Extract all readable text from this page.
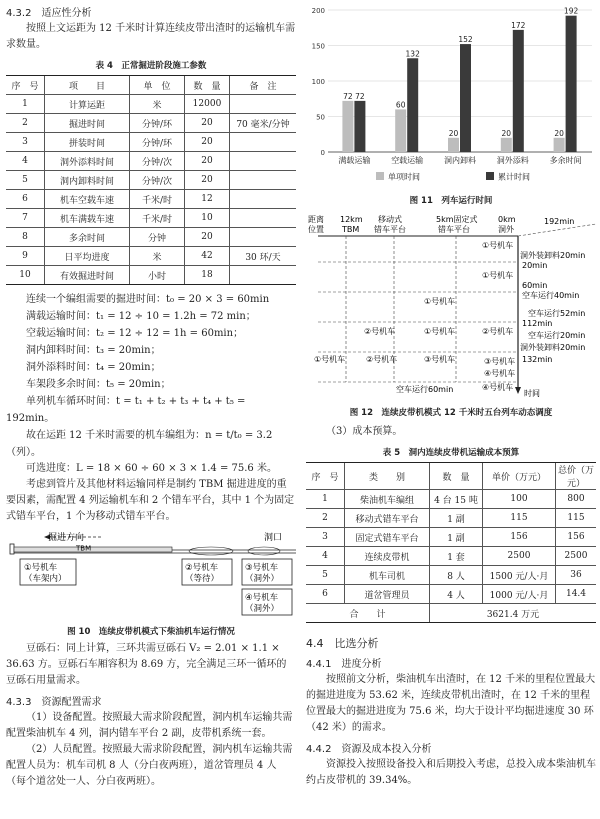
4.3.2　适应性分析

按照上文运距为 12 千米时计算连续皮带出渣时的运输机车需求数量。

表 4　正常掘进阶段施工参数
序　号	项　　目	单　位	数　量	备　注
1	计算运距	米	12000	
2	掘进时间	分钟/环	20	70 毫米/分钟
3	拼装时间	分钟/环	20	
4	洞外添料时间	分钟/次	20	
5	洞内卸料时间	分钟/次	20	
6	机车空载车速	千米/时	12	
7	机车满载车速	千米/时	10	
8	多余时间	分钟	20	
9	日平均进度	米	42	30 环/天
10	有效掘进时间	小时	18	
连续一个编组需要的掘进时间：t₀ = 20 × 3 = 60min
满载运输时间：t₁ = 12 ÷ 10 = 1.2h = 72 min；
空载运输时间：t₂ = 12 ÷ 12 = 1h = 60min；
洞内卸料时间：t₃ = 20min；
洞外添料时间：t₄ = 20min；
车架段多余时间：t₅ = 20min；
单列机车循环时间：t = t₁ + t₂ + t₃ + t₄ + t₅ = 192min。
故在运距 12 千米时需要的机车编组为：n = t/t₀ = 3.2（列）。

可选进度：L = 18 × 60 ÷ 60 × 3 × 1.4 = 75.6 米。

考虑到管片及其他材料运输同样是制约 TBM 掘进进度的重要因素，需配置 4 列运输机车和 2 个错车平台，其中 1 个为固定式错车平台，1 个为移动式错车平台。

掘进方向	洞口
TBM
①号机车
（车架内）
②号机车
（等待）
③号机车
（洞外）
④号机车
（洞外）
图 10　连续皮带机模式下柴油机车运行情况

豆砾石：同上计算，三环共需豆砾石 V₂ = 2.01 × 1.1 × 36.63 方。豆砾石车厢容积为 8.69 方，完全满足三环一循环的豆砾石用量需求。

4.3.3　资源配置需求

（1）设备配置。按照最大需求阶段配置，洞内机车运输共需配置柴油机车 4 列，洞内错车平台 2 副，皮带机系统一套。

（2）人员配置。按照最大需求阶段配置，洞内机车运输共需配置人员为：机车司机 8 人（分白夜两班），道岔管理员 4 人（每个道岔处一人、分白夜两班）。

0
50
100
150
200
72 72
满载运输
60
132
空载运输
20
152
洞内卸料
20
172
洞外添料
20
192
多余时间
单项时间	累计时间
图 11　列车运行时间
距离
位置
12km
TBM
移动式
错车平台
5km固定式
错车平台
0km
洞外
192min
①号机车
洞外装卸料20min
20min
①号机车
60min
空车运行40min
空车运行52min
112min
空车运行20min
洞外装卸料20min
132min
①号机车
②号机车	①号机车	②号机车
③号机车
④号机车
①号机车	②号机车	③号机车
④号机车
时间
空车运行60min
图 12　连续皮带机模式 12 千米时五台列车动态调度

（3）成本预算。

表 5　洞内连续皮带机运输成本预算
序　号	类　　别	数　量	单价（万元）	总价（万元）
1	柴油机车编组	4 台 15 吨	100	800
2	移动式错车平台	1 副	115	115
3	固定式错车平台	1 副	156	156
4	连续皮带机	1 套	2500	2500
5	机车司机	8 人	1500 元/人·月	36
6	道岔管理员	4 人	1000 元/人·月	14.4
合　　计		3621.4 万元		
4.4　比选分析
4.4.1　进度分析

按照前文分析，柴油机车出渣时，在 12 千米的里程位置最大的掘进进度为 53.62 米，连续皮带机出渣时，在 12 千米的里程位置最大的掘进进度为 75.6 米，均大于设计平均掘进速度 30 环（42 米）的需求。

4.4.2　资源及成本投入分析

资源投入按照设备投入和后期投入考虑，总投入成本柴油机车约占皮带机的 39.34%。
